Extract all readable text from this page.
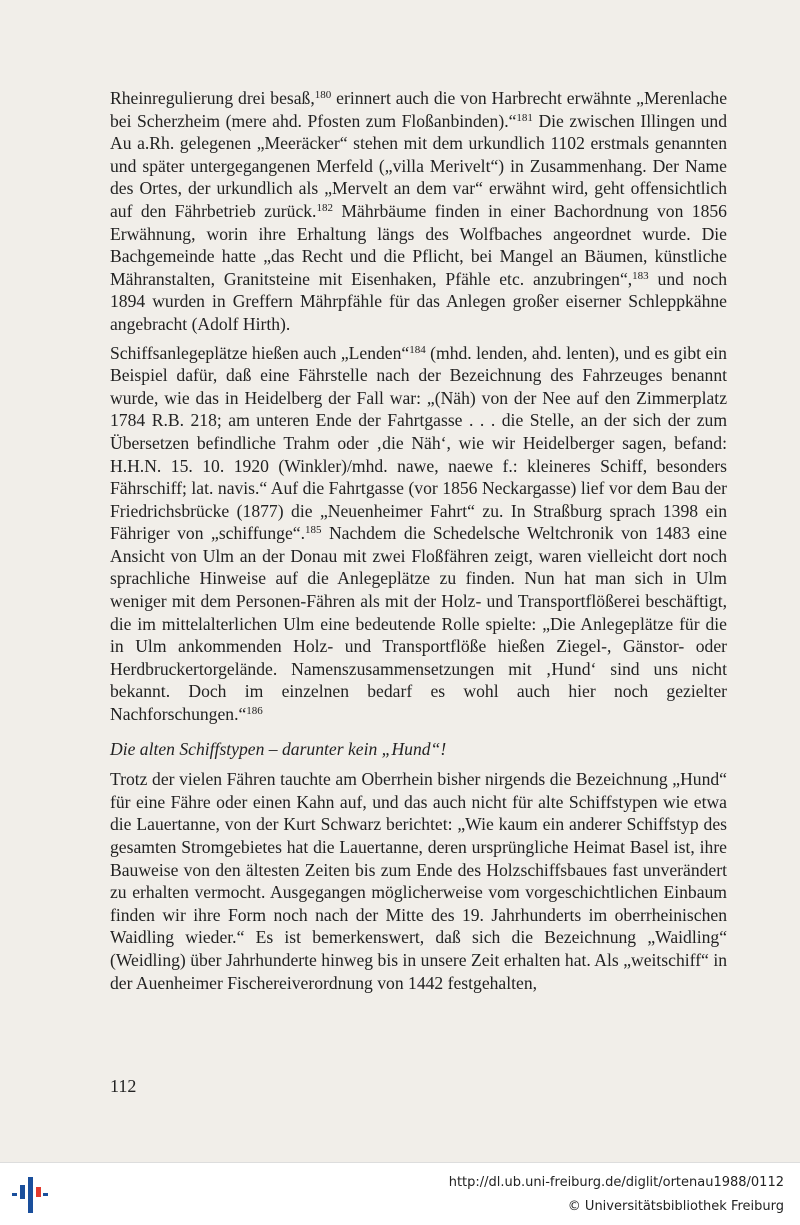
Rheinregulierung drei besaß,$^{180}$ erinnert auch die von Harbrecht erwähnte „Merenlache bei Scherzheim (mere ahd. Pfosten zum Floßanbinden).“$^{181}$ Die zwischen Illingen und Au a.Rh. gelegenen „Meeräcker“ stehen mit dem urkundlich 1102 erstmals genannten und später untergegangenen Merfeld („villa Merivelt“) in Zusammenhang. Der Name des Ortes, der urkundlich als „Mervelt an dem var“ erwähnt wird, geht offensichtlich auf den Fährbetrieb zurück.$^{182}$ Mährbäume finden in einer Bachordnung von 1856 Erwähnung, worin ihre Erhaltung längs des Wolfbaches angeordnet wurde. Die Bachgemeinde hatte „das Recht und die Pflicht, bei Mangel an Bäumen, künstliche Mähranstalten, Granitsteine mit Eisenhaken, Pfähle etc. anzubringen“,$^{183}$ und noch 1894 wurden in Greffern Mährpfähle für das Anlegen großer eiserner Schleppkähne angebracht (Adolf Hirth).

Schiffsanlegeplätze hießen auch „Lenden“$^{184}$ (mhd. lenden, ahd. lenten), und es gibt ein Beispiel dafür, daß eine Fährstelle nach der Bezeichnung des Fahrzeuges benannt wurde, wie das in Heidelberg der Fall war: „(Näh) von der Nee auf den Zimmerplatz 1784 R.B. 218; am unteren Ende der Fahrtgasse . . . die Stelle, an der sich der zum Übersetzen befindliche Trahm oder ‚die Näh‘, wie wir Heidelberger sagen, befand: H.H.N. 15. 10. 1920 (Winkler)/mhd. nawe, naewe f.: kleineres Schiff, besonders Fährschiff; lat. navis.“ Auf die Fahrtgasse (vor 1856 Neckargasse) lief vor dem Bau der Friedrichsbrücke (1877) die „Neuenheimer Fahrt“ zu. In Straßburg sprach 1398 ein Fähriger von „schiffunge“.$^{185}$ Nachdem die Schedelsche Weltchronik von 1483 eine Ansicht von Ulm an der Donau mit zwei Floßfähren zeigt, waren vielleicht dort noch sprachliche Hinweise auf die Anlegeplätze zu finden. Nun hat man sich in Ulm weniger mit dem Personen-Fähren als mit der Holz- und Transportflößerei beschäftigt, die im mittelalterlichen Ulm eine bedeutende Rolle spielte: „Die Anlegeplätze für die in Ulm ankommenden Holz- und Transportflöße hießen Ziegel-, Gänstor- oder Herdbruckertorgelände. Namenszusammensetzungen mit ‚Hund‘ sind uns nicht bekannt. Doch im einzelnen bedarf es wohl auch hier noch gezielter Nachforschungen.“$^{186}$

Die alten Schiffstypen – darunter kein „Hund“!

Trotz der vielen Fähren tauchte am Oberrhein bisher nirgends die Bezeichnung „Hund“ für eine Fähre oder einen Kahn auf, und das auch nicht für alte Schiffstypen wie etwa die Lauertanne, von der Kurt Schwarz berichtet: „Wie kaum ein anderer Schiffstyp des gesamten Stromgebietes hat die Lauertanne, deren ursprüngliche Heimat Basel ist, ihre Bauweise von den ältesten Zeiten bis zum Ende des Holzschiffsbaues fast unverändert zu erhalten vermocht. Ausgegangen möglicherweise vom vorgeschichtlichen Einbaum finden wir ihre Form noch nach der Mitte des 19. Jahrhunderts im oberrheinischen Waidling wieder.“ Es ist bemerkenswert, daß sich die Bezeichnung „Waidling“ (Weidling) über Jahrhunderte hinweg bis in unsere Zeit erhalten hat. Als „weitschiff“ in der Auenheimer Fischereiverordnung von 1442 festgehalten,

112
http://dl.ub.uni-freiburg.de/diglit/ortenau1988/0112
© Universitätsbibliothek Freiburg
